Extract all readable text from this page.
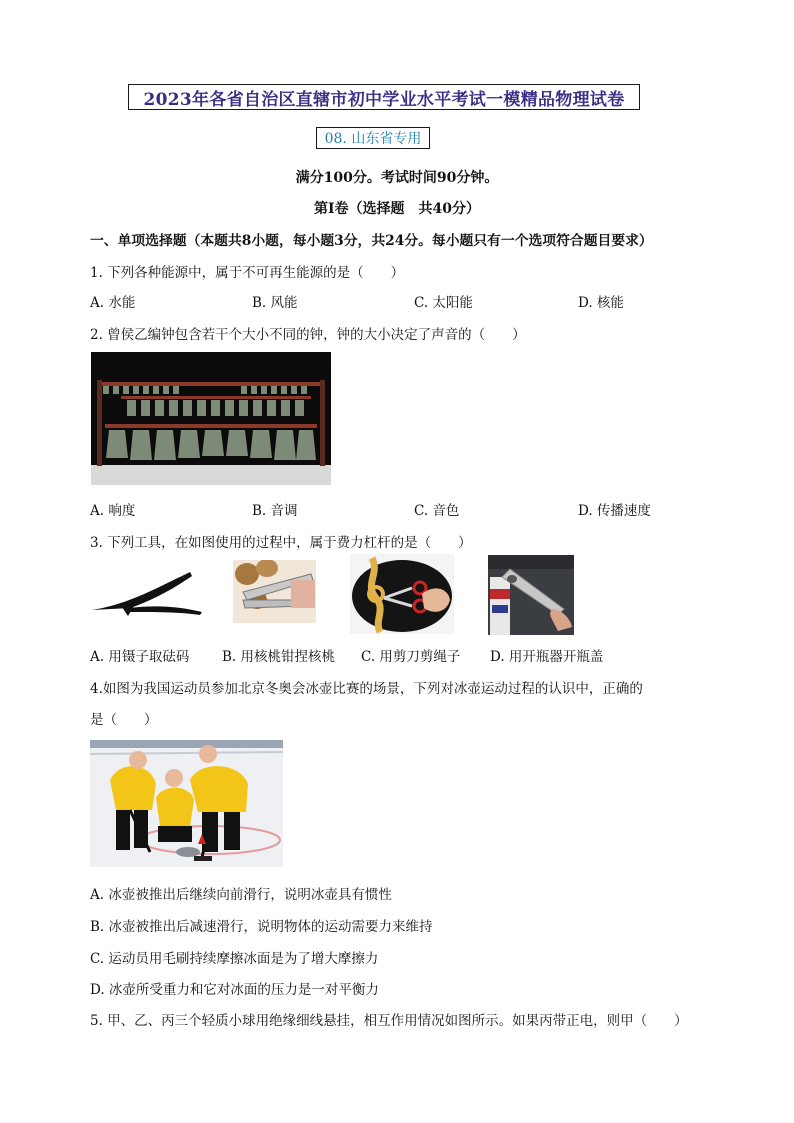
2023年各省自治区直辖市初中学业水平考试一模精品物理试卷
08. 山东省专用
满分100分。考试时间90分钟。
第Ⅰ卷（选择题　共40分）
一、单项选择题（本题共8小题，每小题3分，共24分。每小题只有一个选项符合题目要求）
1. 下列各种能源中，属于不可再生能源的是（　　）
A. 水能	B. 风能	C. 太阳能	D. 核能
2. 曾侯乙编钟包含若干个大小不同的钟，钟的大小决定了声音的（　　）
A. 响度	B. 音调	C. 音色	D. 传播速度
3. 下列工具，在如图使用的过程中，属于费力杠杆的是（　　）
A. 用镊子取砝码 B. 用核桃钳捏核桃 C. 用剪刀剪绳子 D. 用开瓶器开瓶盖
4.如图为我国运动员参加北京冬奥会冰壶比赛的场景，下列对冰壶运动过程的认识中，正确的
是（　　）
A. 冰壶被推出后继续向前滑行，说明冰壶具有惯性
B. 冰壶被推出后减速滑行，说明物体的运动需要力来维持
C. 运动员用毛刷持续摩擦冰面是为了增大摩擦力
D. 冰壶所受重力和它对冰面的压力是一对平衡力
5. 甲、乙、丙三个轻质小球用绝缘细线悬挂，相互作用情况如图所示。如果丙带正电，则甲（　　）
